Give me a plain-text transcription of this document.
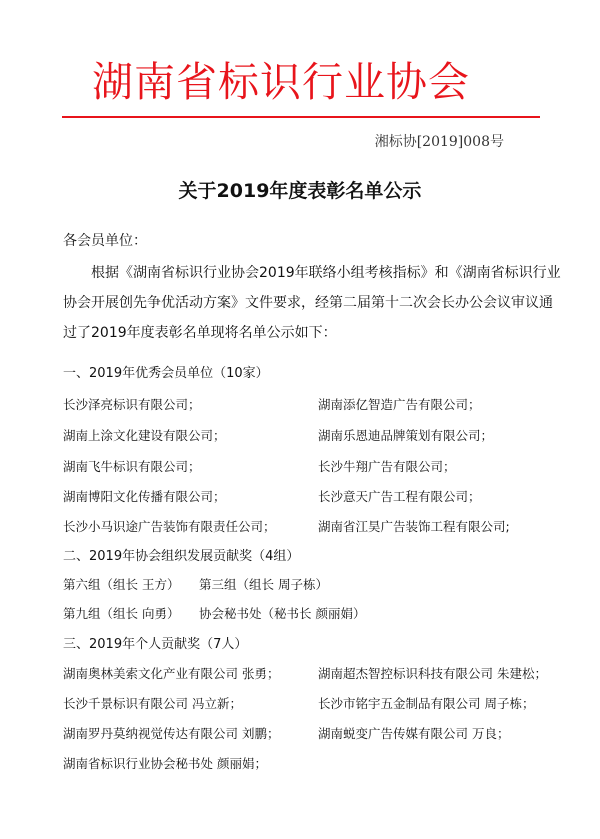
湖南省标识行业协会
湘标协[2019]008号
关于2019年度表彰名单公示
各会员单位：
根据《湖南省标识行业协会2019年联络小组考核指标》和《湖南省标识行业协会开展创先争优活动方案》文件要求，经第二届第十二次会长办公会议审议通过了2019年度表彰名单现将名单公示如下：
一、2019年优秀会员单位（10家）
长沙泽亮标识有限公司；	湖南添亿智造广告有限公司；
湖南上涂文化建设有限公司；	湖南乐恩迪品牌策划有限公司；
湖南飞牛标识有限公司；	长沙牛翔广告有限公司；
湖南博阳文化传播有限公司；	长沙意天广告工程有限公司；
长沙小马识途广告装饰有限责任公司；	湖南省江昊广告装饰工程有限公司;
二、2019年协会组织发展贡献奖（4组）
第六组（组长 王方） 第三组（组长 周子栋）
第九组（组长 向勇） 协会秘书处（秘书长 颜丽娟）
三、2019年个人贡献奖（7人）
湖南奥林美索文化产业有限公司 张勇；	湖南超杰智控标识科技有限公司 朱建松；
长沙千景标识有限公司 冯立新；	长沙市铭宇五金制品有限公司 周子栋；
湖南罗丹莫纳视觉传达有限公司 刘鹏；	湖南蜕变广告传媒有限公司 万良；
湖南省标识行业协会秘书处 颜丽娟；
